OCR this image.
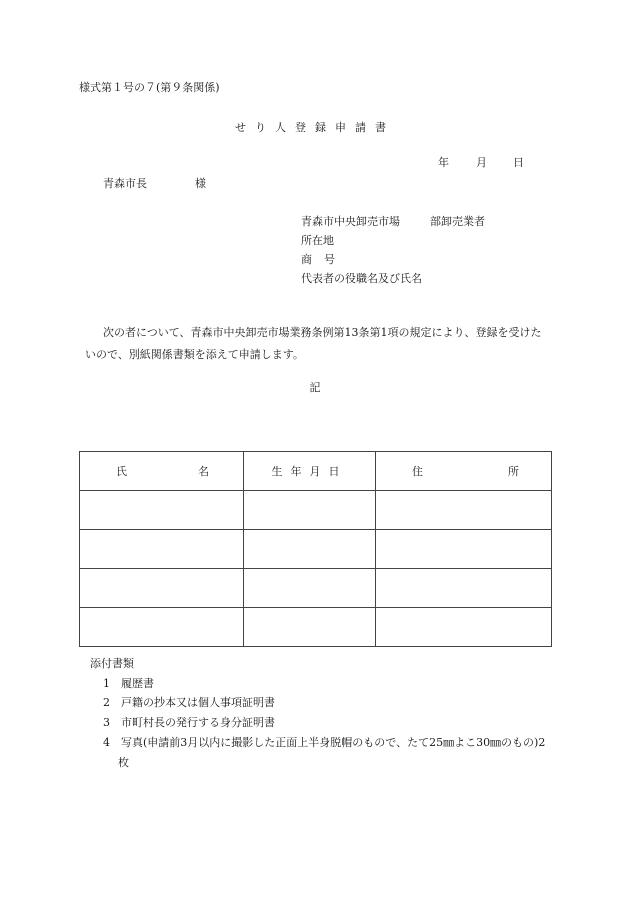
様式第１号の７(第９条関係)
せり人登録申請書
年 月 日
青森市長	様
青森市中央卸売市場	部卸売業者
所在地
商号
代表者の役職名及び氏名
次の者について、青森市中央卸売市場業務条例第13条第1項の規定により、登録を受けたいので、別紙関係書類を添えて申請します。
記
氏 名	生年月日	住 所

添付書類
1　 履歴書
2　 戸籍の抄本又は個人事項証明書
3　 市町村長の発行する身分証明書
4　 写真(申請前3月以内に撮影した正面上半身脱帽のもので、たて25㎜よこ30㎜のもの)2枚
